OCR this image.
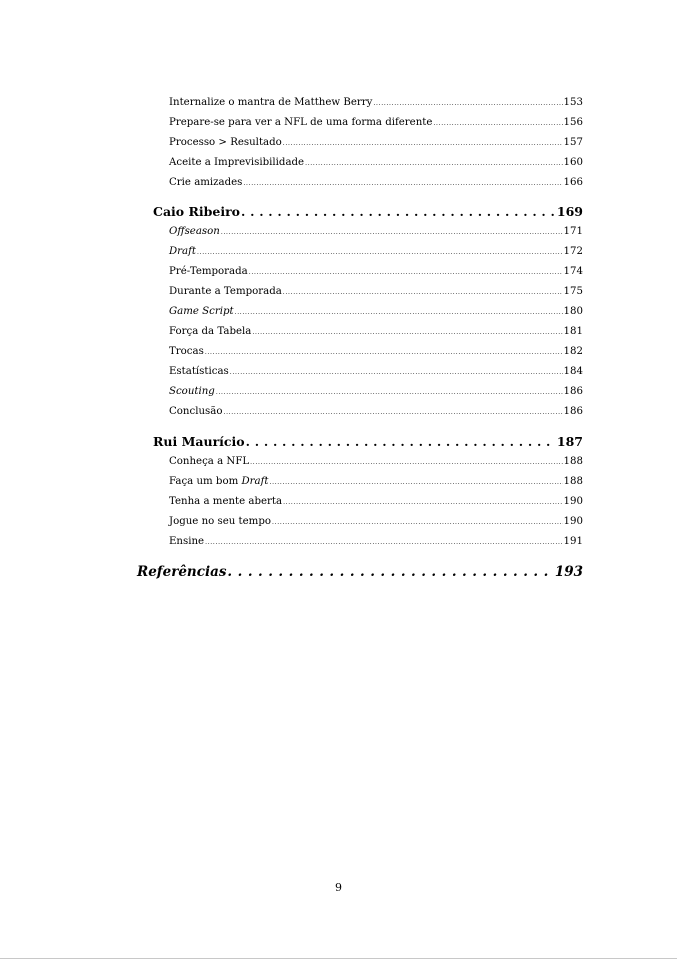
Internalize o mantra de Matthew Berry . . .	153
Prepare-se para ver a NFL de uma forma diferente . . .	156
Processo > Resultado . . .	157
Aceite a Imprevisibilidade . . .	160
Crie amizades . . .	166
Caio Ribeiro . . .	169
Offseason . . .	171
Draft . . .	172
Pré-Temporada . . .	174
Durante a Temporada . . .	175
Game Script . . .	180
Força da Tabela . . .	181
Trocas . . .	182
Estatísticas . . .	184
Scouting . . .	186
Conclusão . . .	186
Rui Maurício . . .	187
Conheça a NFL . . .	188
Faça um bom Draft . . .	188
Tenha a mente aberta . . .	190
Jogue no seu tempo . . .	190
Ensine . . .	191
Referências . . .	193
9
